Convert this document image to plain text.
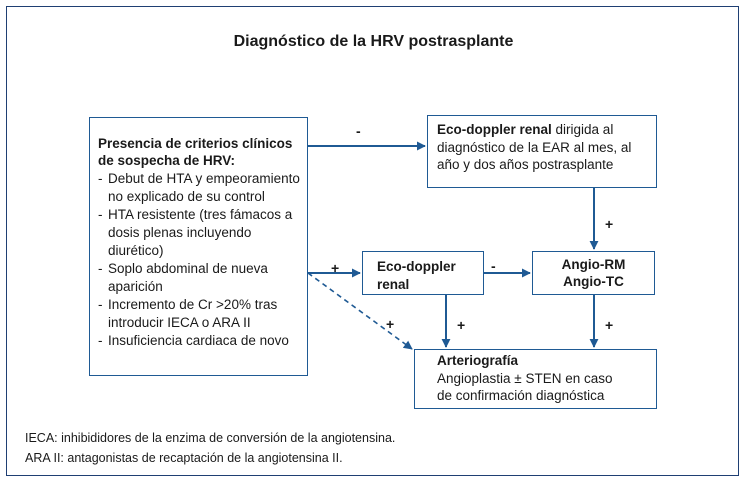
Diagnóstico de la HRV postrasplante
Presencia de criterios clínicos de sospecha de HRV:
- Debut de HTA y empeoramiento no explicado de su control
- HTA resistente (tres fámacos a dosis plenas incluyendo diurético)
- Soplo abdominal de nueva aparición
- Incremento de Cr >20% tras introducir IECA o ARA II
- Insuficiencia cardiaca de novo
Eco-doppler renal dirigida al diagnóstico de la EAR al mes, al año y dos años postrasplante
Eco-doppler
renal
Angio-RM
Angio-TC
Arteriografía
Angioplastia ± STEN en caso
de confirmación diagnóstica
-
+
+	-
+	+	+
IECA: inhibididores de la enzima de conversión de la angiotensina.
ARA II: antagonistas de recaptación de la angiotensina II.
